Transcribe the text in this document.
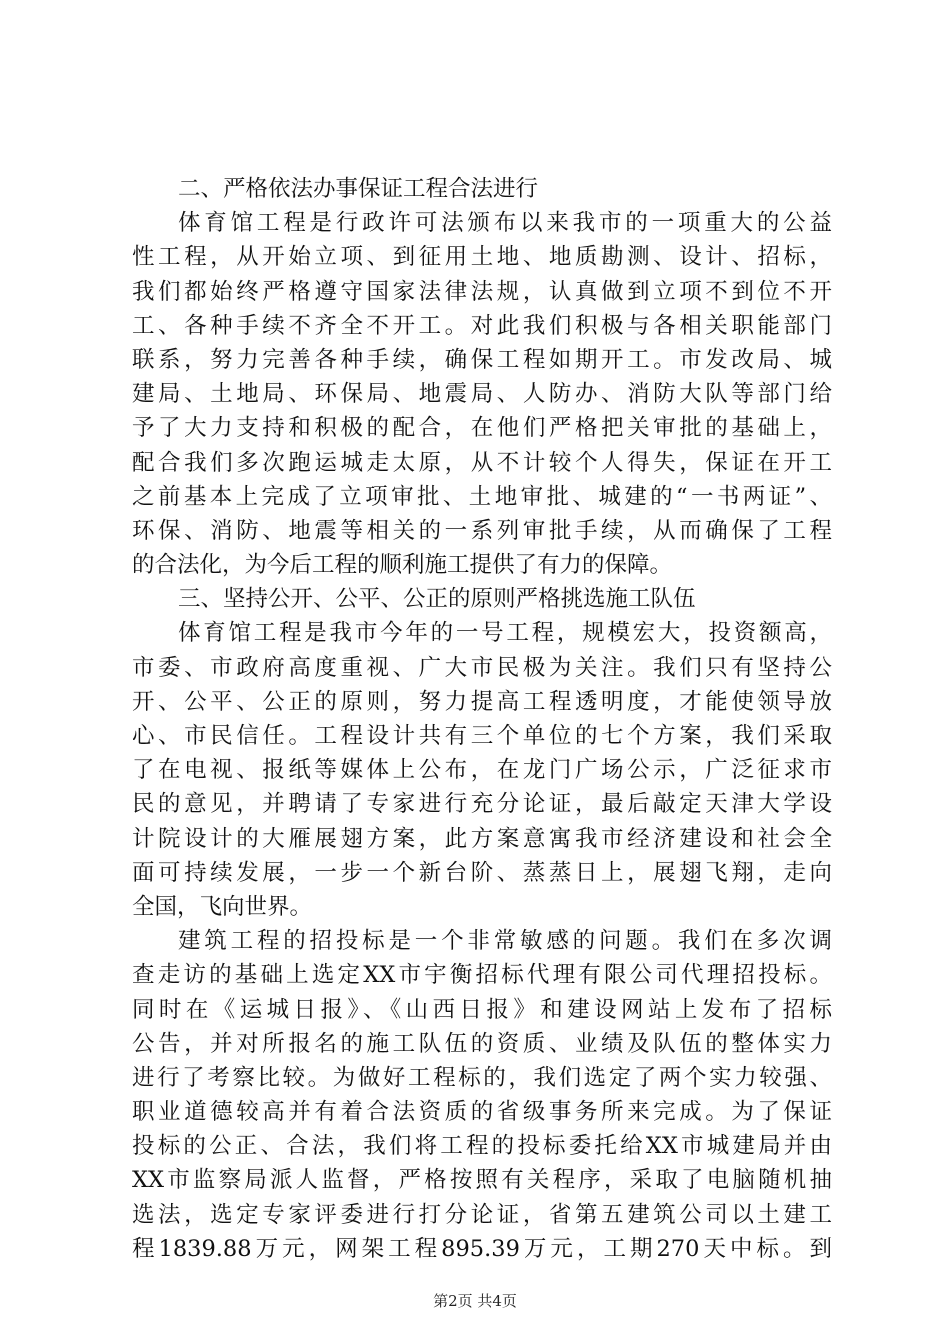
二、严格依法办事保证工程合法进行
体育馆工程是行政许可法颁布以来我市的一项重大的公益
性工程，从开始立项、到征用土地、地质勘测、设计、招标，
我们都始终严格遵守国家法律法规，认真做到立项不到位不开
工、各种手续不齐全不开工。对此我们积极与各相关职能部门
联系，努力完善各种手续，确保工程如期开工。市发改局、城
建局、土地局、环保局、地震局、人防办、消防大队等部门给
予了大力支持和积极的配合，在他们严格把关审批的基础上，
配合我们多次跑运城走太原，从不计较个人得失，保证在开工
之前基本上完成了立项审批、土地审批、城建的“一书两证”、
环保、消防、地震等相关的一系列审批手续，从而确保了工程
的合法化，为今后工程的顺利施工提供了有力的保障。
三、坚持公开、公平、公正的原则严格挑选施工队伍
体育馆工程是我市今年的一号工程，规模宏大，投资额高，
市委、市政府高度重视、广大市民极为关注。我们只有坚持公
开、公平、公正的原则，努力提高工程透明度，才能使领导放
心、市民信任。工程设计共有三个单位的七个方案，我们采取
了在电视、报纸等媒体上公布，在龙门广场公示，广泛征求市
民的意见，并聘请了专家进行充分论证，最后敲定天津大学设
计院设计的大雁展翅方案，此方案意寓我市经济建设和社会全
面可持续发展，一步一个新台阶、蒸蒸日上，展翅飞翔，走向
全国，飞向世界。
建筑工程的招投标是一个非常敏感的问题。我们在多次调
查走访的基础上选定XX市宇衡招标代理有限公司代理招投标。
同时在《运城日报》、《山西日报》和建设网站上发布了招标
公告，并对所报名的施工队伍的资质、业绩及队伍的整体实力
进行了考察比较。为做好工程标的，我们选定了两个实力较强、
职业道德较高并有着合法资质的省级事务所来完成。为了保证
投标的公正、合法，我们将工程的投标委托给XX市城建局并由
XX市监察局派人监督，严格按照有关程序，采取了电脑随机抽
选法，选定专家评委进行打分论证，省第五建筑公司以土建工
程1839.88万元，网架工程895.39万元，工期270天中标。到
第2页 共4页
